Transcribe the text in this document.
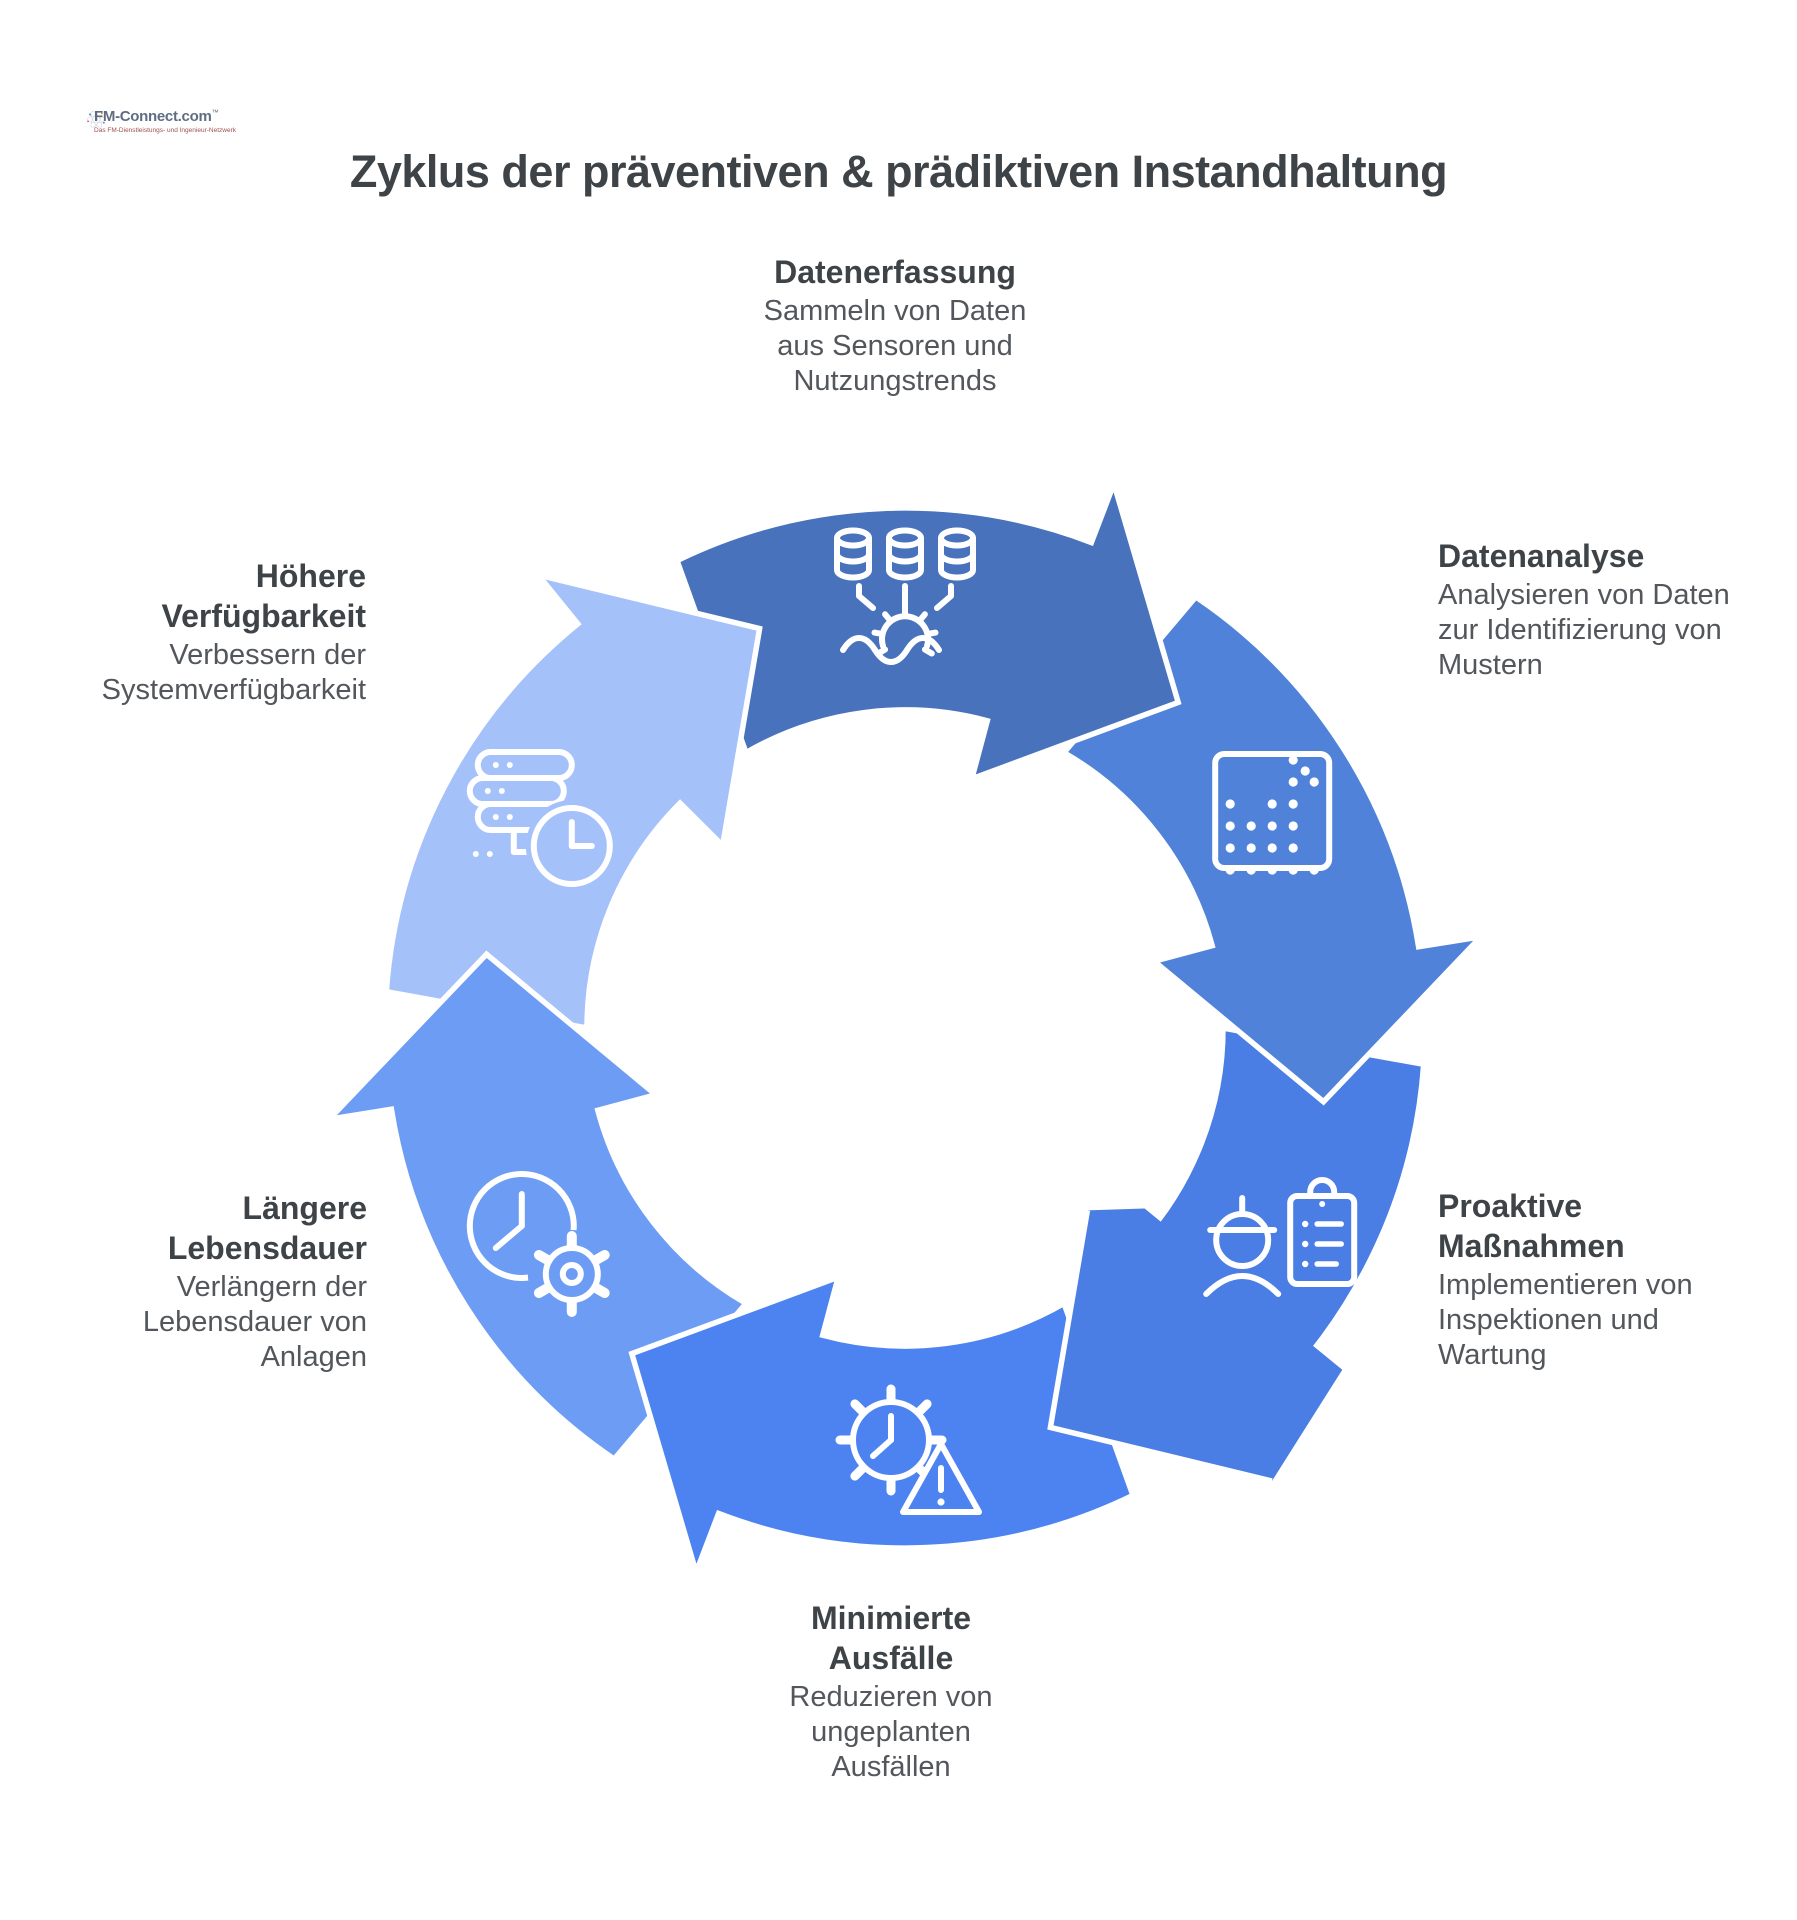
FM-Connect.com™
Das FM-Dienstleistungs- und Ingenieur-Netzwerk
Zyklus der präventiven & prädiktiven Instandhaltung
Datenerfassung
Sammeln von Daten aus Sensoren und Nutzungstrends
Datenanalyse
Analysieren von Daten zur Identifizierung von Mustern
Proaktive Maßnahmen
Implementieren von Inspektionen und Wartung
Minimierte Ausfälle
Reduzieren von ungeplanten Ausfällen
Längere Lebensdauer
Verlängern der Lebensdauer von Anlagen
Höhere Verfügbarkeit
Verbessern der Systemverfügbarkeit
